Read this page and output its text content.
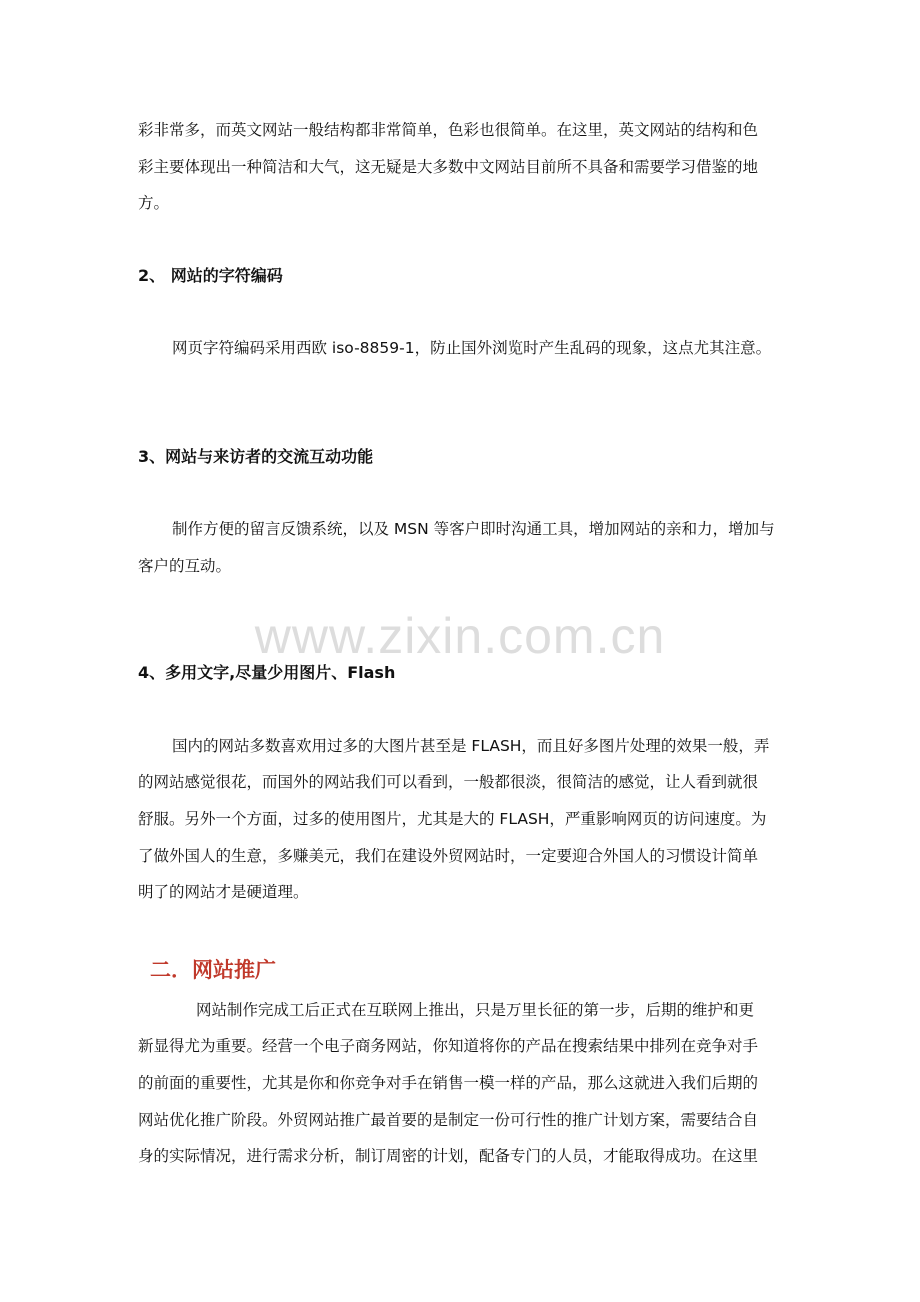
彩非常多，而英文网站一般结构都非常简单，色彩也很简单。在这里，英文网站的结构和色
彩主要体现出一种简洁和大气，这无疑是大多数中文网站目前所不具备和需要学习借鉴的地
方。
2、 网站的字符编码
网页字符编码采用西欧 iso-8859-1，防止国外浏览时产生乱码的现象，这点尤其注意。
3、网站与来访者的交流互动功能
制作方便的留言反馈系统，以及 MSN 等客户即时沟通工具，增加网站的亲和力，增加与
客户的互动。
www.zixin.com.cn
4、多用文字,尽量少用图片、Flash
国内的网站多数喜欢用过多的大图片甚至是 FLASH，而且好多图片处理的效果一般，弄
的网站感觉很花，而国外的网站我们可以看到，一般都很淡，很简洁的感觉，让人看到就很
舒服。另外一个方面，过多的使用图片，尤其是大的 FLASH，严重影响网页的访问速度。为
了做外国人的生意，多赚美元，我们在建设外贸网站时，一定要迎合外国人的习惯设计简单
明了的网站才是硬道理。
二．网站推广
网站制作完成工后正式在互联网上推出，只是万里长征的第一步，后期的维护和更
新显得尤为重要。经营一个电子商务网站，你知道将你的产品在搜索结果中排列在竞争对手
的前面的重要性，尤其是你和你竞争对手在销售一模一样的产品，那么这就进入我们后期的
网站优化推广阶段。外贸网站推广最首要的是制定一份可行性的推广计划方案，需要结合自
身的实际情况，进行需求分析，制订周密的计划，配备专门的人员，才能取得成功。在这里
